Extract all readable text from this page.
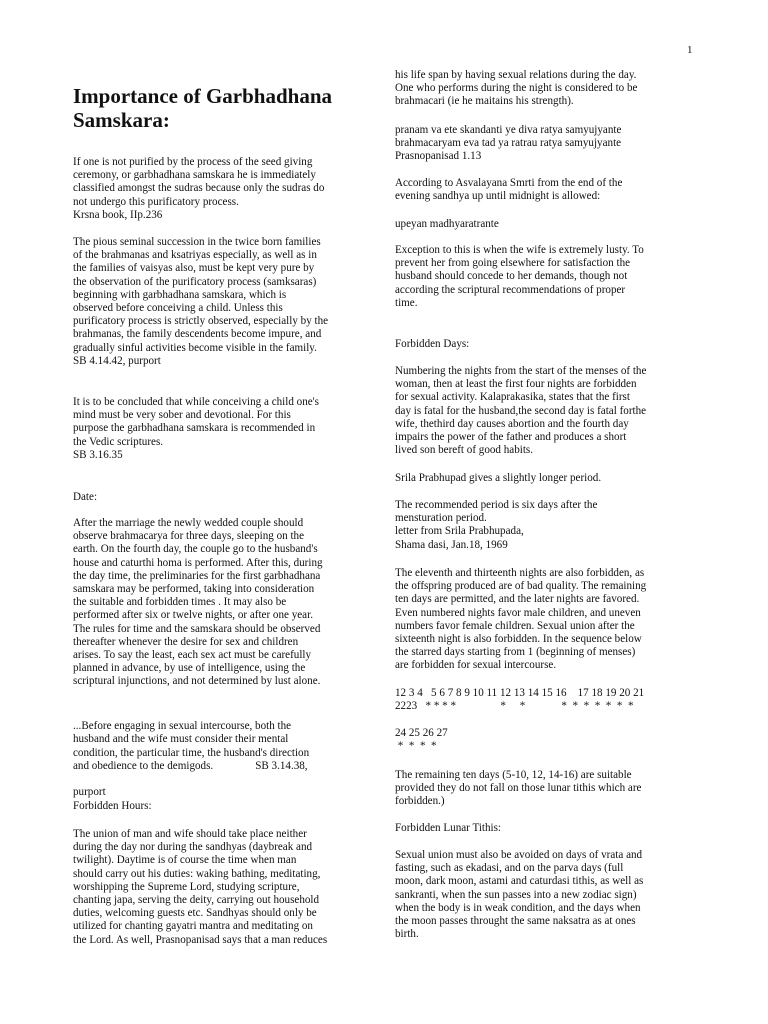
1
Importance of Garbhadhana Samskara:

If one is not purified by the process of the seed giving
ceremony, or garbhadhana samskara he is immediately
classified amongst the sudras because only the sudras do
not undergo this purificatory process.
Krsna book, IIp.236

The pious seminal succession in the twice born families
of the brahmanas and ksatriyas especially, as well as in
the families of vaisyas also, must be kept very pure by
the observation of the purificatory process (samksaras)
beginning with garbhadhana samskara, which is
observed before conceiving a child. Unless this
purificatory process is strictly observed, especially by the
brahmanas, the family descendents become impure, and
gradually sinful activities become visible in the family.
SB 4.14.42, purport

It is to be concluded that while conceiving a child one's
mind must be very sober and devotional. For this
purpose the garbhadhana samskara is recommended in
the Vedic scriptures.
SB 3.16.35

Date:

After the marriage the newly wedded couple should
observe brahmacarya for three days, sleeping on the
earth. On the fourth day, the couple go to the husband's
house and caturthi homa is performed. After this, during
the day time, the preliminaries for the first garbhadhana
samskara may be performed, taking into consideration
the suitable and forbidden times . It may also be
performed after six or twelve nights, or after one year.
The rules for time and the samskara should be observed
thereafter whenever the desire for sex and children
arises. To say the least, each sex act must be carefully
planned in advance, by use of intelligence, using the
scriptural injunctions, and not determined by lust alone.

...Before engaging in sexual intercourse, both the
husband and the wife must consider their mental
condition, the particular time, the husband's direction
and obedience to the demigods.	SB 3.14.38,

purport

Forbidden Hours:

The union of man and wife should take place neither
during the day nor during the sandhyas (daybreak and
twilight). Daytime is of course the time when man
should carry out his duties: waking bathing, meditating,
worshipping the Supreme Lord, studying scripture,
chanting japa, serving the deity, carrying out household
duties, welcoming guests etc. Sandhyas should only be
utilized for chanting gayatri mantra and meditating on
the Lord. As well, Prasnopanisad says that a man reduces

his life span by having sexual relations during the day.
One who performs during the night is considered to be
brahmacari (ie he maitains his strength).

pranam va ete skandanti ye diva ratya samyujyante
brahmacaryam eva tad ya ratrau ratya samyujyante
Prasnopanisad 1.13

According to Asvalayana Smrti from the end of the
evening sandhya up until midnight is allowed:

upeyan madhyaratrante

Exception to this is when the wife is extremely lusty. To
prevent her from going elsewhere for satisfaction the
husband should concede to her demands, though not
according the scriptural recommendations of proper
time.

Forbidden Days:

Numbering the nights from the start of the menses of the
woman, then at least the first four nights are forbidden
for sexual activity. Kalaprakasika, states that the first
day is fatal for the husband,the second day is fatal forthe
wife, thethird day causes abortion and the fourth day
impairs the power of the father and produces a short
lived son bereft of good habits.

Srila Prabhupad gives a slightly longer period.

The recommended period is six days after the
mensturation period.
letter from Srila Prabhupada,
Shama dasi, Jan.18, 1969

The eleventh and thirteenth nights are also forbidden, as
the offspring produced are of bad quality. The remaining
ten days are permitted, and the later nights are favored.
Even numbered nights favor male children, and uneven
numbers favor female children. Sexual union after the
sixteenth night is also forbidden. In the sequence below
the starred days starting from 1 (beginning of menses)
are forbidden for sexual intercourse.

12 3 4   5 6 7 8 9 10 11 12 13 14 15 16    17 18 19 20 21
2223   * * * *                *     *             *  *  *  *  *  *  *

24 25 26 27
*  *  *  *

The remaining ten days (5-10, 12, 14-16) are suitable
provided they do not fall on those lunar tithis which are
forbidden.)

Forbidden Lunar Tithis:

Sexual union must also be avoided on days of vrata and
fasting, such as ekadasi, and on the parva days (full
moon, dark moon, astami and caturdasi tithis, as well as
sankranti, when the sun passes into a new zodiac sign)
when the body is in weak condition, and the days when
the moon passes throught the same naksatra as at ones
birth.
